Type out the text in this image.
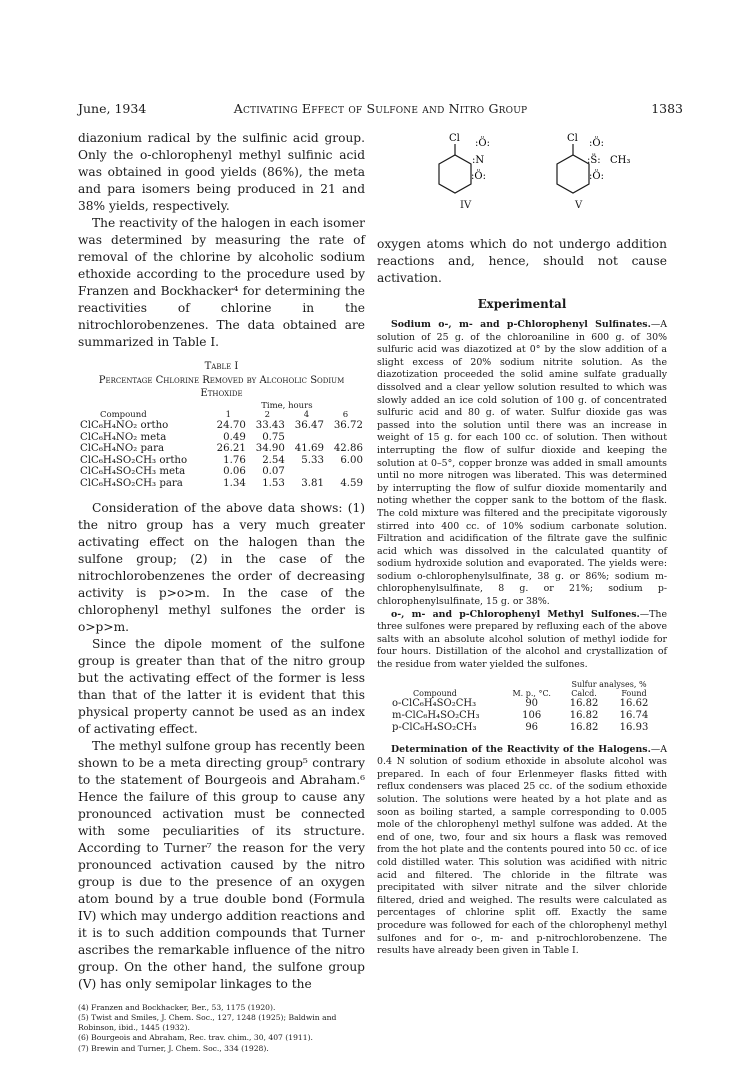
June, 1934	Activating Effect of Sulfone and Nitro Group	1383

diazonium radical by the sulfinic acid group. Only the o-chlorophenyl methyl sulfinic acid was obtained in good yields (86%), the meta and para isomers being produced in 21 and 38% yields, respectively.

The reactivity of the halogen in each isomer was determined by measuring the rate of removal of the chlorine by alcoholic sodium ethoxide according to the procedure used by Franzen and Bockhacker⁴ for determining the reactivities of chlorine in the nitrochlorobenzenes. The data obtained are summarized in Table I.

Table I
Percentage Chlorine Removed by Alcoholic Sodium Ethoxide
		Time, hours		
Compound	1	2	4	6
ClC₆H₄NO₂ ortho	24.70	33.43	36.47	36.72
ClC₆H₄NO₂ meta	0.49	0.75		
ClC₆H₄NO₂ para	26.21	34.90	41.69	42.86
ClC₆H₄SO₂CH₃ ortho	1.76	2.54	5.33	6.00
ClC₆H₄SO₂CH₃ meta	0.06	0.07		
ClC₆H₄SO₂CH₃ para	1.34	1.53	3.81	4.59

Consideration of the above data shows: (1) the nitro group has a very much greater activating effect on the halogen than the sulfone group; (2) in the case of the nitrochlorobenzenes the order of decreasing activity is p>o>m. In the case of the chlorophenyl methyl sulfones the order is o>p>m.

Since the dipole moment of the sulfone group is greater than that of the nitro group but the activating effect of the former is less than that of the latter it is evident that this physical property cannot be used as an index of activating effect.

The methyl sulfone group has recently been shown to be a meta directing group⁵ contrary to the statement of Bourgeois and Abraham.⁶ Hence the failure of this group to cause any pronounced activation must be connected with some peculiarities of its structure. According to Turner⁷ the reason for the very pronounced activation caused by the nitro group is due to the presence of an oxygen atom bound by a true double bond (Formula IV) which may undergo addition reactions and it is to such addition compounds that Turner ascribes the remarkable influence of the nitro group. On the other hand, the sulfone group (V) has only semipolar linkages to the

(4) Franzen and Bockhacker, Ber., 53, 1175 (1920).

(5) Twist and Smiles, J. Chem. Soc., 127, 1248 (1925); Baldwin and Robinson, ibid., 1445 (1932).

(6) Bourgeois and Abraham, Rec. trav. chim., 30, 407 (1911).

(7) Brewin and Turner, J. Chem. Soc., 334 (1928).

Cl :Ö:
:N
:Ö:
Cl :Ö:
:S̈: CH₃
:Ö:
IV	V

oxygen atoms which do not undergo addition reactions and, hence, should not cause activation.

Experimental

Sodium o-, m- and p-Chlorophenyl Sulfinates.—A solution of 25 g. of the chloroaniline in 600 g. of 30% sulfuric acid was diazotized at 0° by the slow addition of a slight excess of 20% sodium nitrite solution. As the diazotization proceeded the solid amine sulfate gradually dissolved and a clear yellow solution resulted to which was slowly added an ice cold solution of 100 g. of concentrated sulfuric acid and 80 g. of water. Sulfur dioxide gas was passed into the solution until there was an increase in weight of 15 g. for each 100 cc. of solution. Then without interrupting the flow of sulfur dioxide and keeping the solution at 0–5°, copper bronze was added in small amounts until no more nitrogen was liberated. This was determined by interrupting the flow of sulfur dioxide momentarily and noting whether the copper sank to the bottom of the flask. The cold mixture was filtered and the precipitate vigorously stirred into 400 cc. of 10% sodium carbonate solution. Filtration and acidification of the filtrate gave the sulfinic acid which was dissolved in the calculated quantity of sodium hydroxide solution and evaporated. The yields were: sodium o-chlorophenylsulfinate, 38 g. or 86%; sodium m-chlorophenylsulfinate, 8 g. or 21%; sodium p-chlorophenylsulfinate, 15 g. or 38%.

o-, m- and p-Chlorophenyl Methyl Sulfones.—The three sulfones were prepared by refluxing each of the above salts with an absolute alcohol solution of methyl iodide for four hours. Distillation of the alcohol and crystallization of the residue from water yielded the sulfones.

		Sulfur analyses, %	
Compound	M. p., °C.	Calcd.	Found
o-ClC₆H₄SO₂CH₃	90	16.82	16.62
m-ClC₆H₄SO₂CH₃	106	16.82	16.74
p-ClC₆H₄SO₂CH₃	96	16.82	16.93

Determination of the Reactivity of the Halogens.—A 0.4 N solution of sodium ethoxide in absolute alcohol was prepared. In each of four Erlenmeyer flasks fitted with reflux condensers was placed 25 cc. of the sodium ethoxide solution. The solutions were heated by a hot plate and as soon as boiling started, a sample corresponding to 0.005 mole of the chlorophenyl methyl sulfone was added. At the end of one, two, four and six hours a flask was removed from the hot plate and the contents poured into 50 cc. of ice cold distilled water. This solution was acidified with nitric acid and filtered. The chloride in the filtrate was precipitated with silver nitrate and the silver chloride filtered, dried and weighed. The results were calculated as percentages of chlorine split off. Exactly the same procedure was followed for each of the chlorophenyl methyl sulfones and for o-, m- and p-nitrochlorobenzene. The results have already been given in Table I.
